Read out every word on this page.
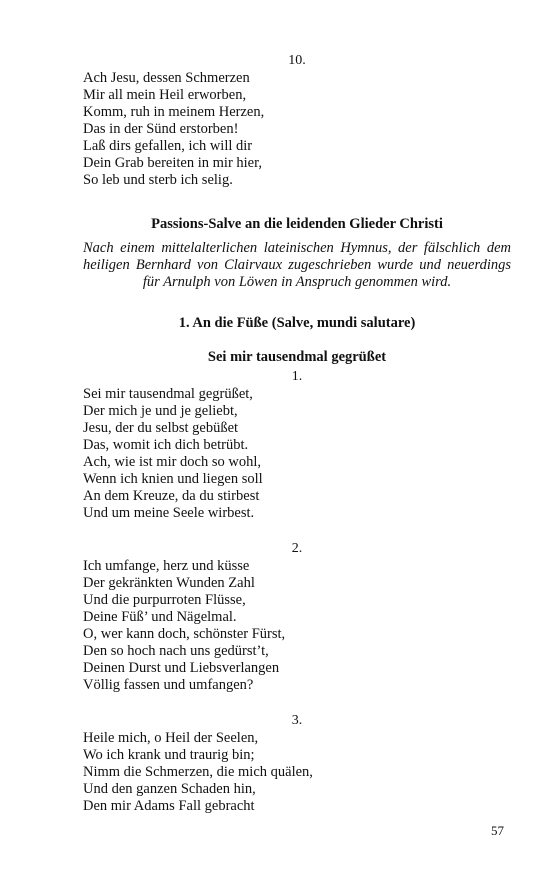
10.
Ach Jesu, dessen Schmerzen
Mir all mein Heil erworben,
Komm, ruh in meinem Herzen,
Das in der Sünd erstorben!
Laß dirs gefallen, ich will dir
Dein Grab bereiten in mir hier,
So leb und sterb ich selig.
Passions-Salve an die leidenden Glieder Christi
Nach einem mittelalterlichen lateinischen Hymnus, der fälschlich dem heiligen Bernhard von Clairvaux zugeschrieben wurde und neuerdings für Arnulph von Löwen in Anspruch genommen wird.
1. An die Füße (Salve, mundi salutare)
Sei mir tausendmal gegrüßet
1.
Sei mir tausendmal gegrüßet,
Der mich je und je geliebt,
Jesu, der du selbst gebüßet
Das, womit ich dich betrübt.
Ach, wie ist mir doch so wohl,
Wenn ich knien und liegen soll
An dem Kreuze, da du stirbest
Und um meine Seele wirbest.
2.
Ich umfange, herz und küsse
Der gekränkten Wunden Zahl
Und die purpurroten Flüsse,
Deine Füß’ und Nägelmal.
O, wer kann doch, schönster Fürst,
Den so hoch nach uns gedürst’t,
Deinen Durst und Liebsverlangen
Völlig fassen und umfangen?
3.
Heile mich, o Heil der Seelen,
Wo ich krank und traurig bin;
Nimm die Schmerzen, die mich quälen,
Und den ganzen Schaden hin,
Den mir Adams Fall gebracht
57
